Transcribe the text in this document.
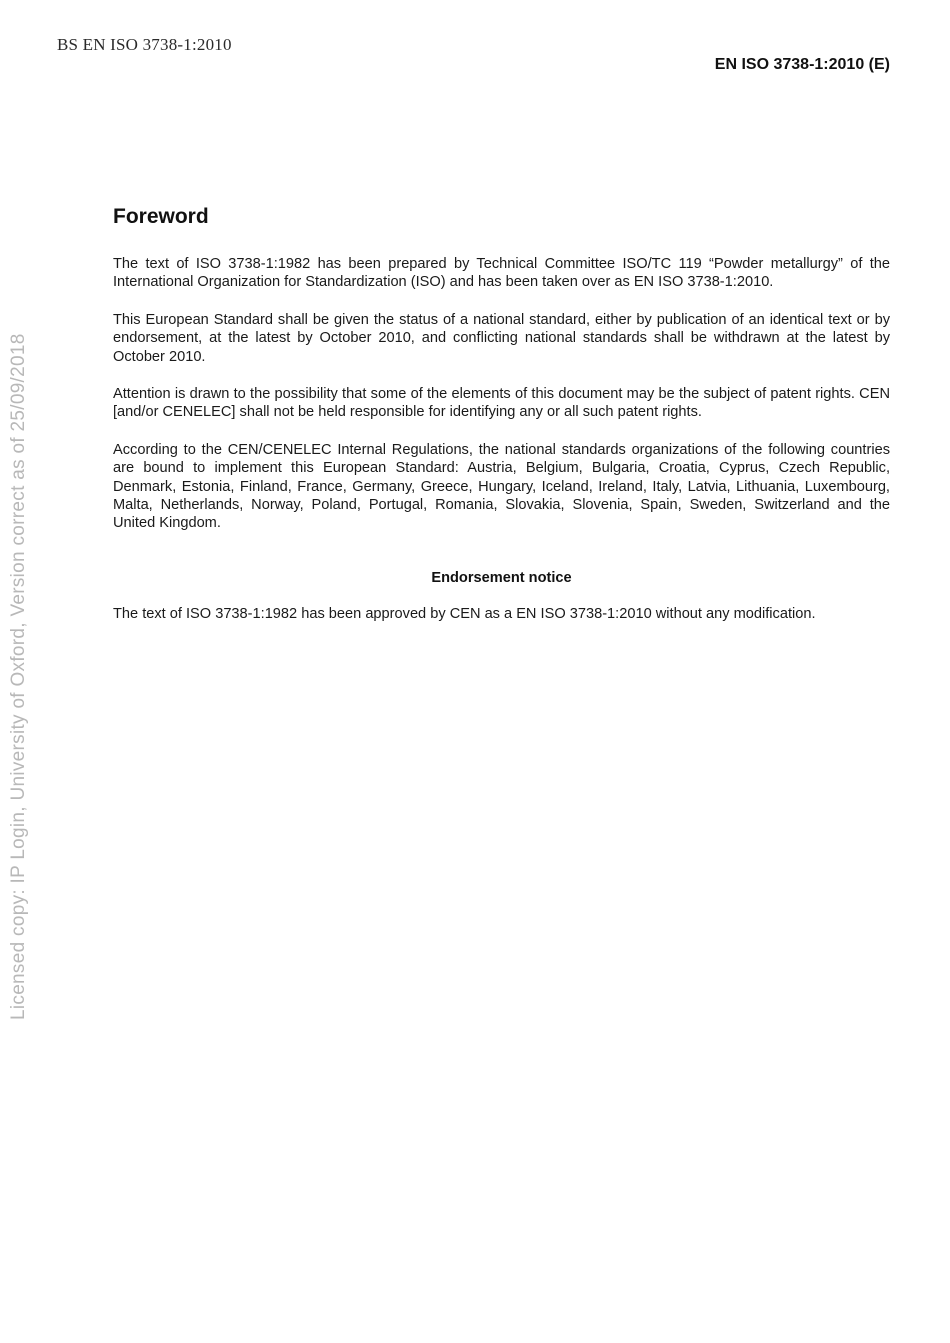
BS EN ISO 3738-1:2010
EN ISO 3738-1:2010 (E)
Licensed copy: IP Login, University of Oxford, Version correct as of 25/09/2018
Foreword

The text of ISO 3738-1:1982 has been prepared by Technical Committee ISO/TC 119 “Powder metallurgy” of the International Organization for Standardization (ISO) and has been taken over as EN ISO 3738-1:2010.

This European Standard shall be given the status of a national standard, either by publication of an identical text or by endorsement, at the latest by October 2010, and conflicting national standards shall be withdrawn at the latest by October 2010.

Attention is drawn to the possibility that some of the elements of this document may be the subject of patent rights. CEN [and/or CENELEC] shall not be held responsible for identifying any or all such patent rights.

According to the CEN/CENELEC Internal Regulations, the national standards organizations of the following countries are bound to implement this European Standard: Austria, Belgium, Bulgaria, Croatia, Cyprus, Czech Republic, Denmark, Estonia, Finland, France, Germany, Greece, Hungary, Iceland, Ireland, Italy, Latvia, Lithuania, Luxembourg, Malta, Netherlands, Norway, Poland, Portugal, Romania, Slovakia, Slovenia, Spain, Sweden, Switzerland and the United Kingdom.

Endorsement notice

The text of ISO 3738-1:1982 has been approved by CEN as a EN ISO 3738-1:2010 without any modification.
